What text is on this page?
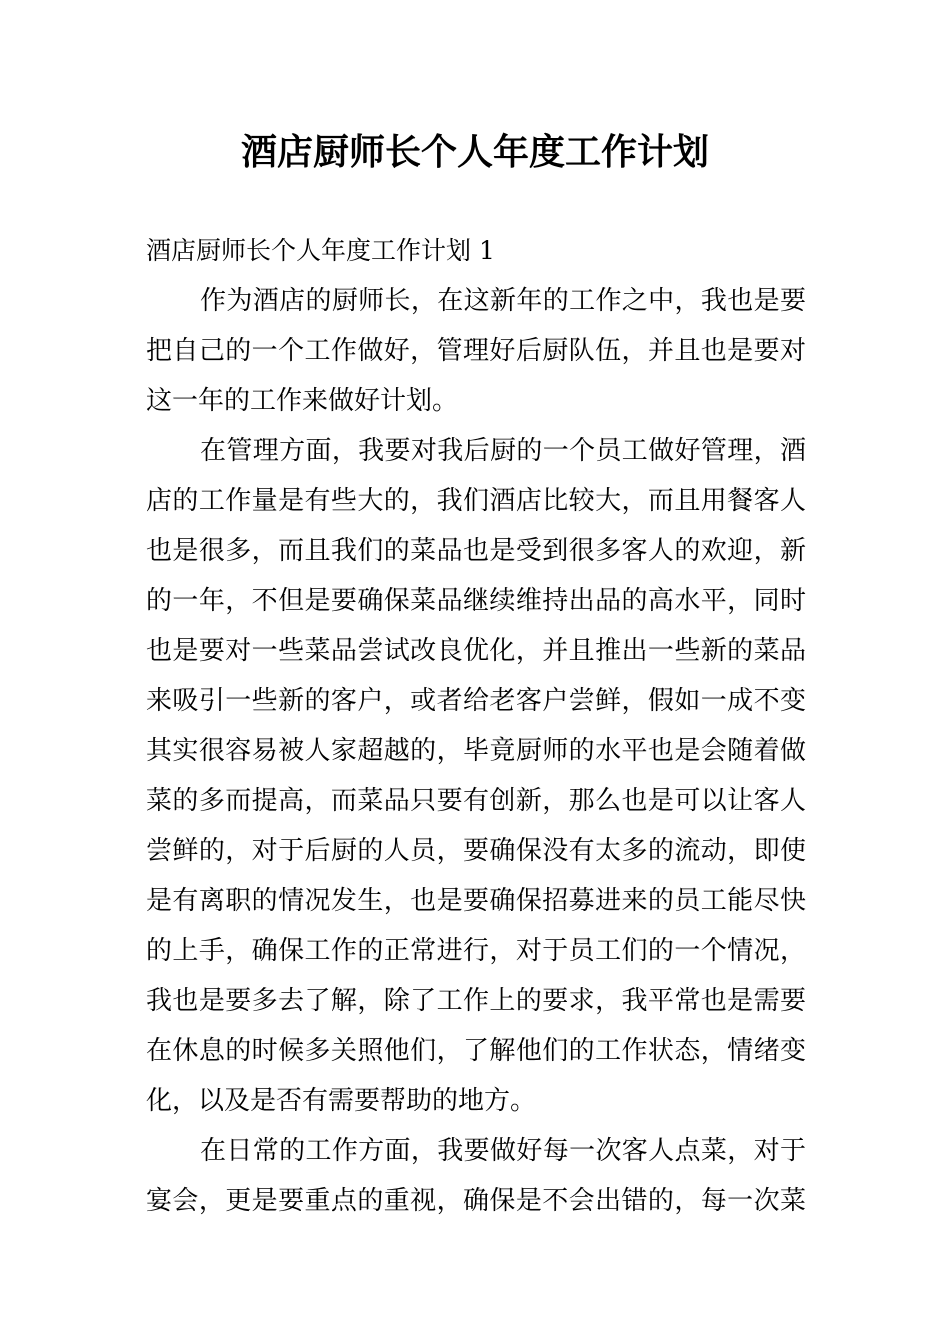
酒店厨师长个人年度工作计划
酒店厨师长个人年度工作计划 1
作为酒店的厨师长，在这新年的工作之中，我也是要
把自己的一个工作做好，管理好后厨队伍，并且也是要对
这一年的工作来做好计划。
在管理方面，我要对我后厨的一个员工做好管理，酒
店的工作量是有些大的，我们酒店比较大，而且用餐客人
也是很多，而且我们的菜品也是受到很多客人的欢迎，新
的一年，不但是要确保菜品继续维持出品的高水平，同时
也是要对一些菜品尝试改良优化，并且推出一些新的菜品
来吸引一些新的客户，或者给老客户尝鲜，假如一成不变
其实很容易被人家超越的，毕竟厨师的水平也是会随着做
菜的多而提高，而菜品只要有创新，那么也是可以让客人
尝鲜的，对于后厨的人员，要确保没有太多的流动，即使
是有离职的情况发生，也是要确保招募进来的员工能尽快
的上手，确保工作的正常进行，对于员工们的一个情况，
我也是要多去了解，除了工作上的要求，我平常也是需要
在休息的时候多关照他们，了解他们的工作状态，情绪变
化，以及是否有需要帮助的地方。
在日常的工作方面，我要做好每一次客人点菜，对于
宴会，更是要重点的重视，确保是不会出错的，每一次菜
